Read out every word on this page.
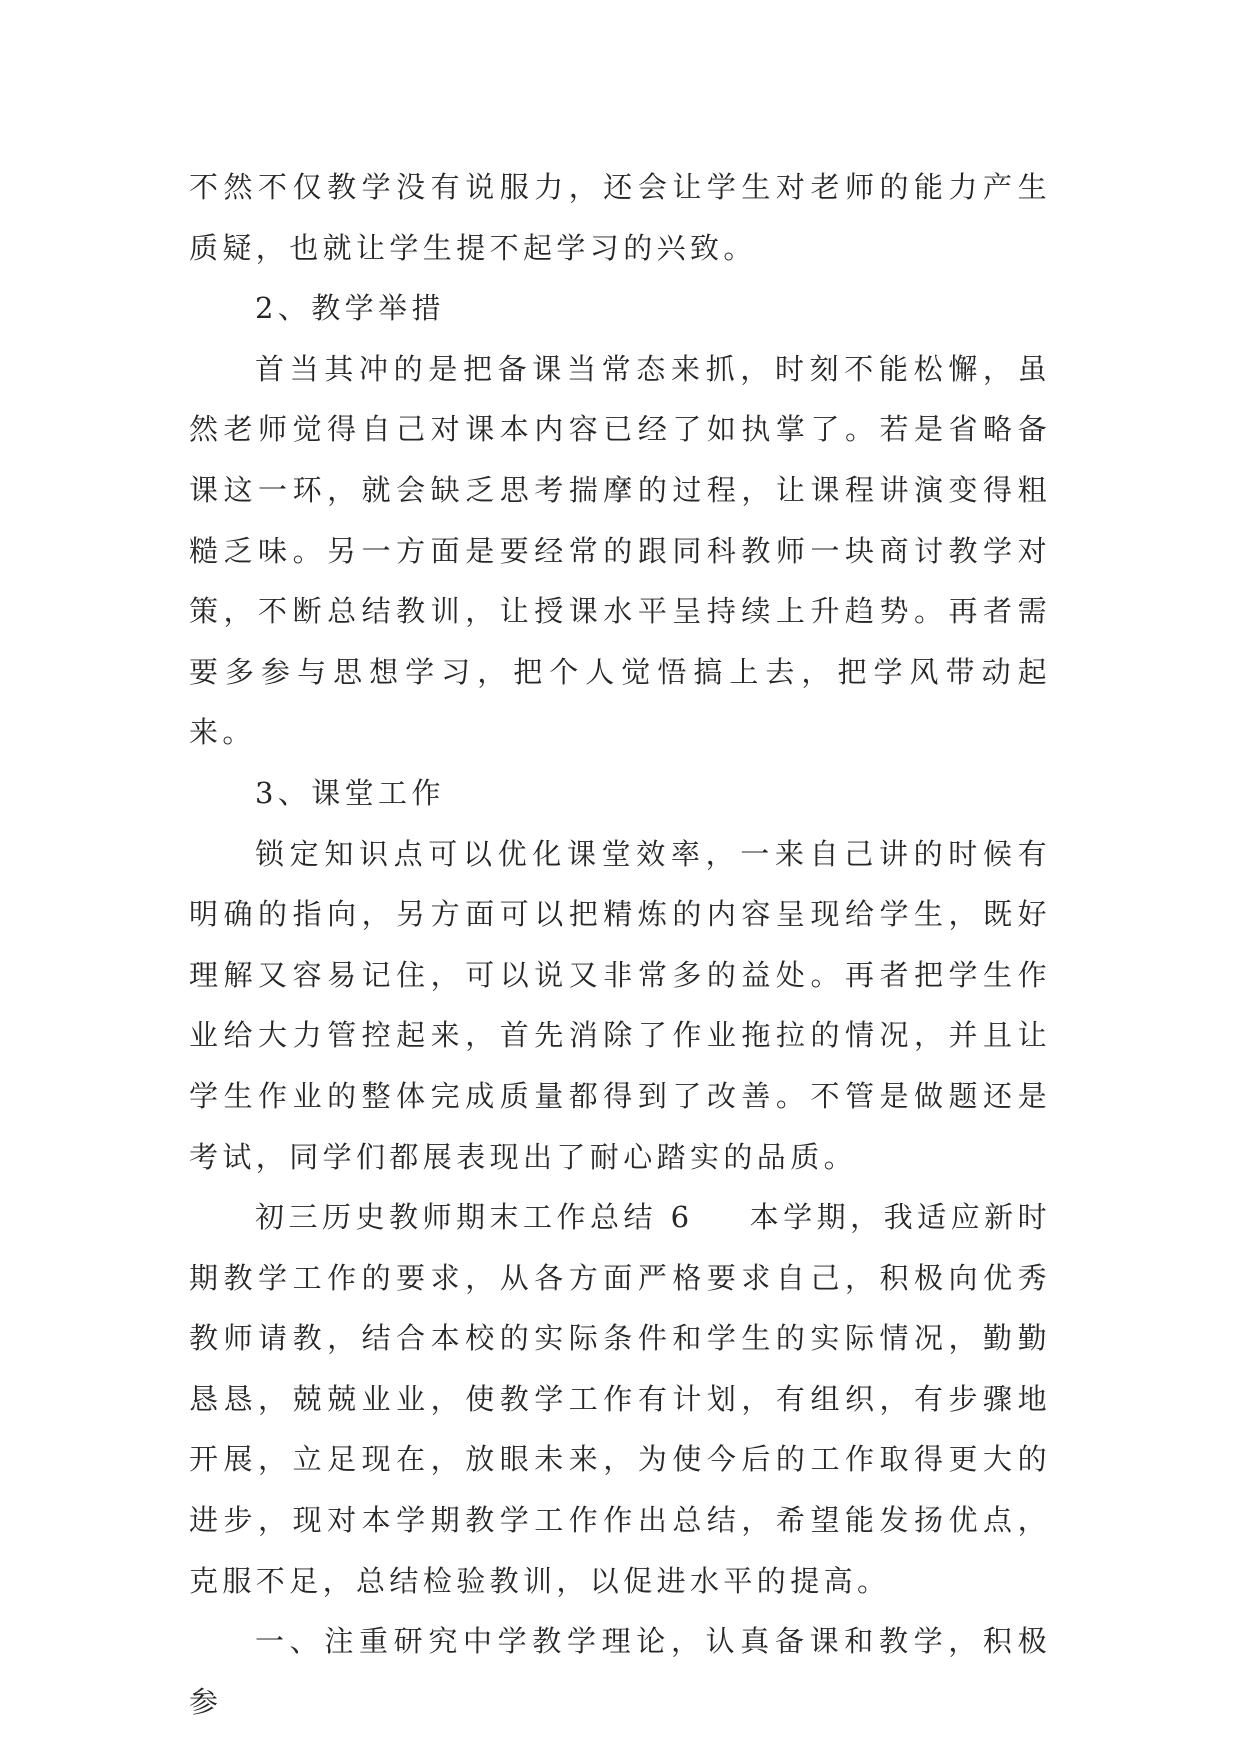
不然不仅教学没有说服力，还会让学生对老师的能力产生质疑，也就让学生提不起学习的兴致。

2、教学举措

首当其冲的是把备课当常态来抓，时刻不能松懈，虽然老师觉得自己对课本内容已经了如执掌了。若是省略备课这一环，就会缺乏思考揣摩的过程，让课程讲演变得粗糙乏味。另一方面是要经常的跟同科教师一块商讨教学对策，不断总结教训，让授课水平呈持续上升趋势。再者需要多参与思想学习，把个人觉悟搞上去，把学风带动起来。

3、课堂工作

锁定知识点可以优化课堂效率，一来自己讲的时候有明确的指向，另方面可以把精炼的内容呈现给学生，既好理解又容易记住，可以说又非常多的益处。再者把学生作业给大力管控起来，首先消除了作业拖拉的情况，并且让学生作业的整体完成质量都得到了改善。不管是做题还是考试，同学们都展表现出了耐心踏实的品质。

初三历史教师期末工作总结 6 本学期，我适应新时期教学工作的要求，从各方面严格要求自己，积极向优秀教师请教，结合本校的实际条件和学生的实际情况，勤勤恳恳，兢兢业业，使教学工作有计划，有组织，有步骤地开展，立足现在，放眼未来，为使今后的工作取得更大的进步，现对本学期教学工作作出总结，希望能发扬优点，克服不足，总结检验教训，以促进水平的提高。

一、注重研究中学教学理论，认真备课和教学，积极参
